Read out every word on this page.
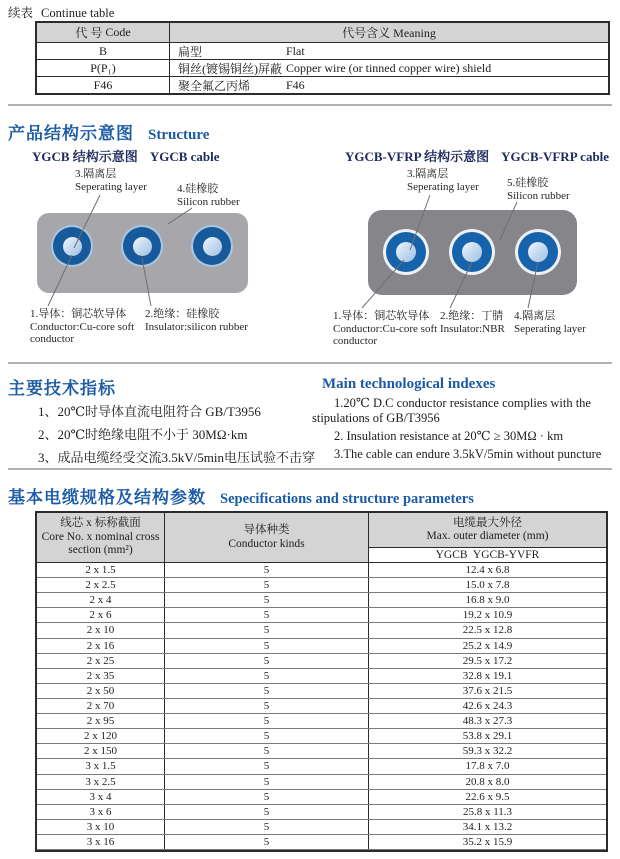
续表 Continue table
代 号
Code	代号含义 Meaning
B	扁型	Flat
P(P₁)	铜丝(镀锡铜丝)屏蔽 Copper wire (or tinned copper wire) shield
F46	聚全氟乙丙烯	F46
产品结构示意图 Structure
YGCB 结构示意图 YGCB cable
3.隔离层
Seperating layer	4.硅橡胶
Silicon rubber
1.导体：铜芯软导体
Conductor:Cu-core soft
conductor
2.绝缘：硅橡胶
Insulator:silicon rubber
YGCB-VFRP 结构示意图 YGCB-VFRP cable
3.隔离层
Seperating layer	5.硅橡胶
Silicon rubber
1.导体：铜芯软导体
Conductor:Cu-core soft
conductor
2.绝缘：丁腈
Insulator:NBR
4.隔离层
Seperating layer
主要技术指标
1、20℃时导体直流电阻符合 GB/T3956
2、20℃时绝缘电阻不小于 30MΩ·km
3、成品电缆经受交流3.5kV/5min电压试验不击穿
Main technological indexes

1.20℃ D.C conductor resistance complies with the stipulations of GB/T3956

2. Insulation resistance at 20℃ ≥ 30MΩ · km

3.The cable can endure 3.5kV/5min without puncture

基本电缆规格及结构参数 Sepecifications and structure parameters
线芯 x 标称截面
Core No. x nominal cross
section (mm²)
导体种类
Conductor kinds
电缆最大外径
Max. outer diameter (mm)
YGCB  YGCB-YVFR
2 x 1.5	5	12.4 x 6.8
2 x 2.5	5	15.0 x 7.8
2 x 4	5	16.8 x 9.0
2 x 6	5	19.2 x 10.9
2 x 10	5	22.5 x 12.8
2 x 16	5	25.2 x 14.9
2 x 25	5	29.5 x 17.2
2 x 35	5	32.8 x 19.1
2 x 50	5	37.6 x 21.5
2 x 70	5	42.6 x 24.3
2 x 95	5	48.3 x 27.3
2 x 120	5	53.8 x 29.1
2 x 150	5	59.3 x 32.2
3 x 1.5	5	17.8 x 7.0
3 x 2.5	5	20.8 x 8.0
3 x 4	5	22.6 x 9.5
3 x 6	5	25.8 x 11.3
3 x 10	5	34.1 x 13.2
3 x 16	5	35.2 x 15.9
